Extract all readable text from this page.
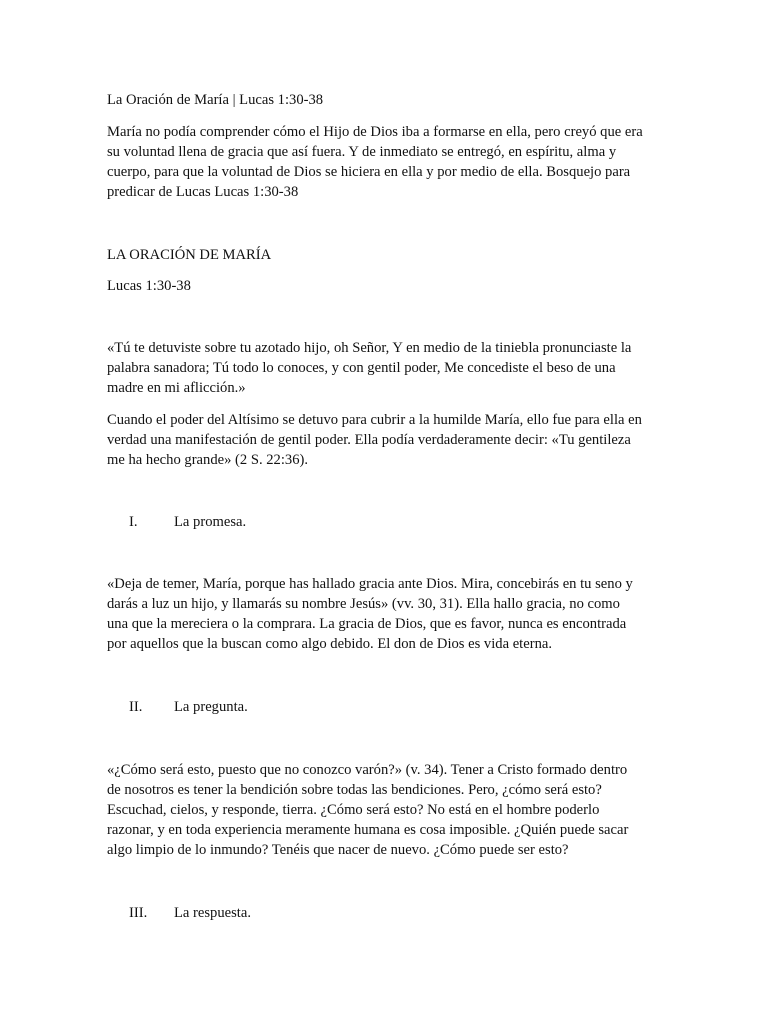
La Oración de María | Lucas 1:30-38

María no podía comprender cómo el Hijo de Dios iba a formarse en ella, pero creyó que era
su voluntad llena de gracia que así fuera. Y de inmediato se entregó, en espíritu, alma y
cuerpo, para que la voluntad de Dios se hiciera en ella y por medio de ella. Bosquejo para
predicar de Lucas Lucas 1:30-38

LA ORACIÓN DE MARÍA

Lucas 1:30-38

«Tú te detuviste sobre tu azotado hijo, oh Señor, Y en medio de la tiniebla pronunciaste la
palabra sanadora; Tú todo lo conoces, y con gentil poder, Me concediste el beso de una
madre en mi aflicción.»

Cuando el poder del Altísimo se detuvo para cubrir a la humilde María, ello fue para ella en
verdad una manifestación de gentil poder. Ella podía verdaderamente decir: «Tu gentileza
me ha hecho grande» (2 S. 22:36).

I. La promesa.

«Deja de temer, María, porque has hallado gracia ante Dios. Mira, concebirás en tu seno y
darás a luz un hijo, y llamarás su nombre Jesús» (vv. 30, 31). Ella hallo gracia, no como
una que la mereciera o la comprara. La gracia de Dios, que es favor, nunca es encontrada
por aquellos que la buscan como algo debido. El don de Dios es vida eterna.

II. La pregunta.

«¿Cómo será esto, puesto que no conozco varón?» (v. 34). Tener a Cristo formado dentro
de nosotros es tener la bendición sobre todas las bendiciones. Pero, ¿cómo será esto?
Escuchad, cielos, y responde, tierra. ¿Cómo será esto? No está en el hombre poderlo
razonar, y en toda experiencia meramente humana es cosa imposible. ¿Quién puede sacar
algo limpio de lo inmundo? Tenéis que nacer de nuevo. ¿Cómo puede ser esto?

III. La respuesta.
